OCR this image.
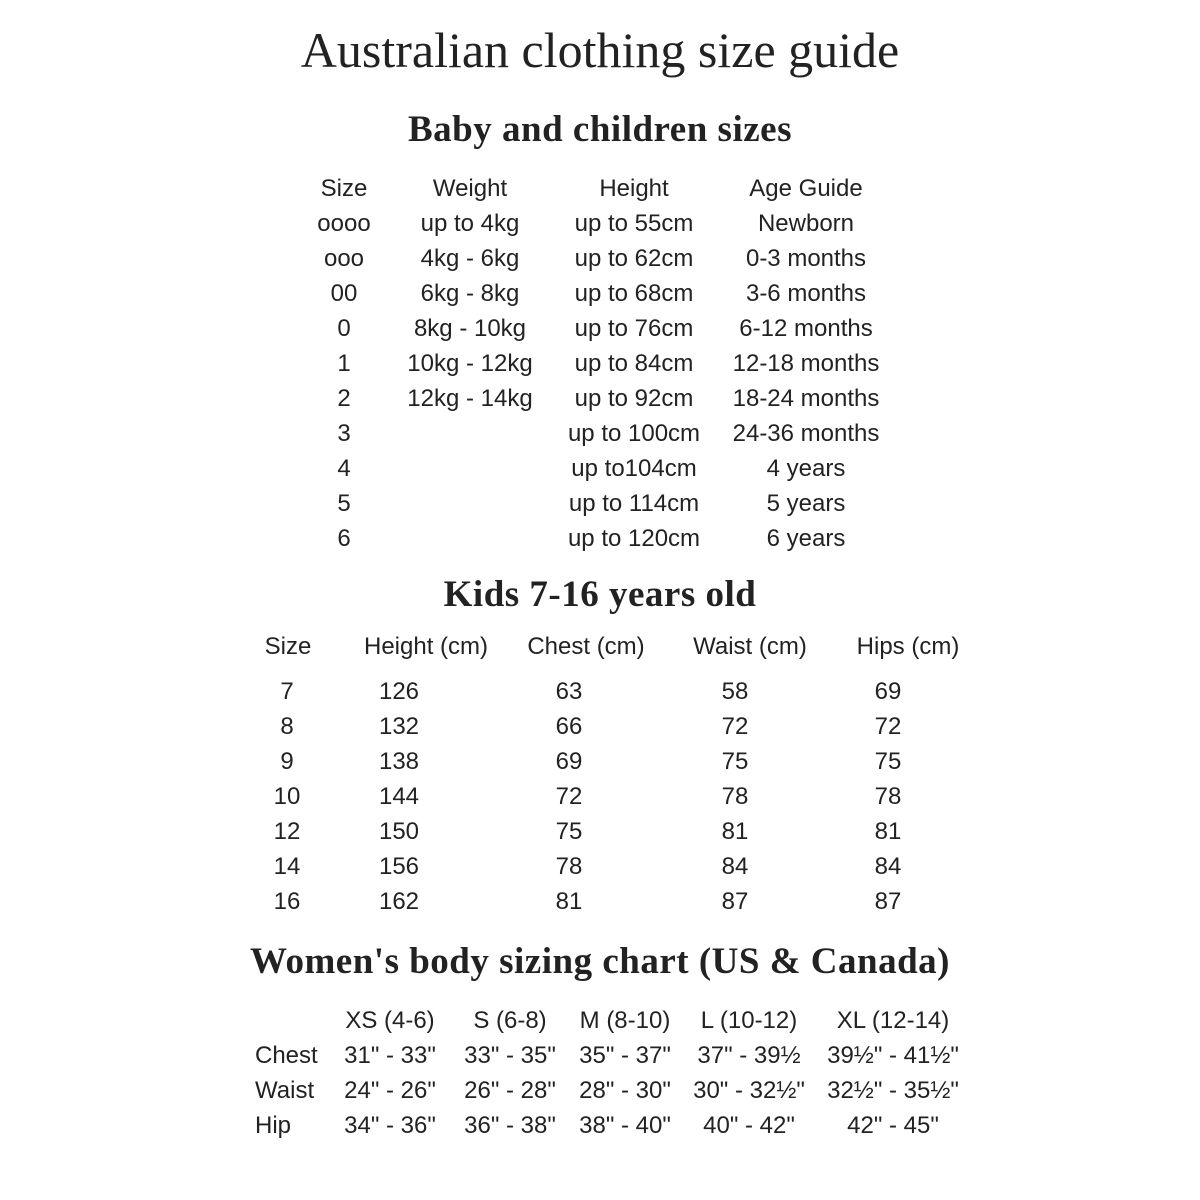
Australian clothing size guide
Baby and children sizes
Size	Weight	Height	Age Guide
oooo up to 4kg up to 55cm	Newborn
ooo 4kg - 6kg up to 62cm 0-3 months
00	6kg - 8kg up to 68cm 3-6 months
0	8kg - 10kg up to 76cm 6-12 months
1 10kg - 12kg up to 84cm 12-18 months
2 12kg - 14kg up to 92cm 18-24 months
3	up to 100cm 24-36 months
4	up to104cm	4 years
5	up to 114cm	5 years
6	up to 120cm	6 years
Kids 7-16 years old
Size Height (cm) Chest (cm) Waist (cm) Hips (cm)
7	126	63	58	69
8	132	66	72	72
9	138	69	75	75
10	144	72	78	78
12	150	75	81	81
14	156	78	84	84
16	162	81	87	87
Women's body sizing chart (US & Canada)
XS (4-6) S (6-8) M (8-10) L (10-12) XL (12-14)
Chest 31" - 33" 33" - 35" 35" - 37" 37" - 39½ 39½" - 41½"
Waist 24" - 26" 26" - 28" 28" - 30" 30" - 32½" 32½" - 35½"
Hip 34" - 36" 36" - 38" 38" - 40" 40" - 42" 42" - 45"
